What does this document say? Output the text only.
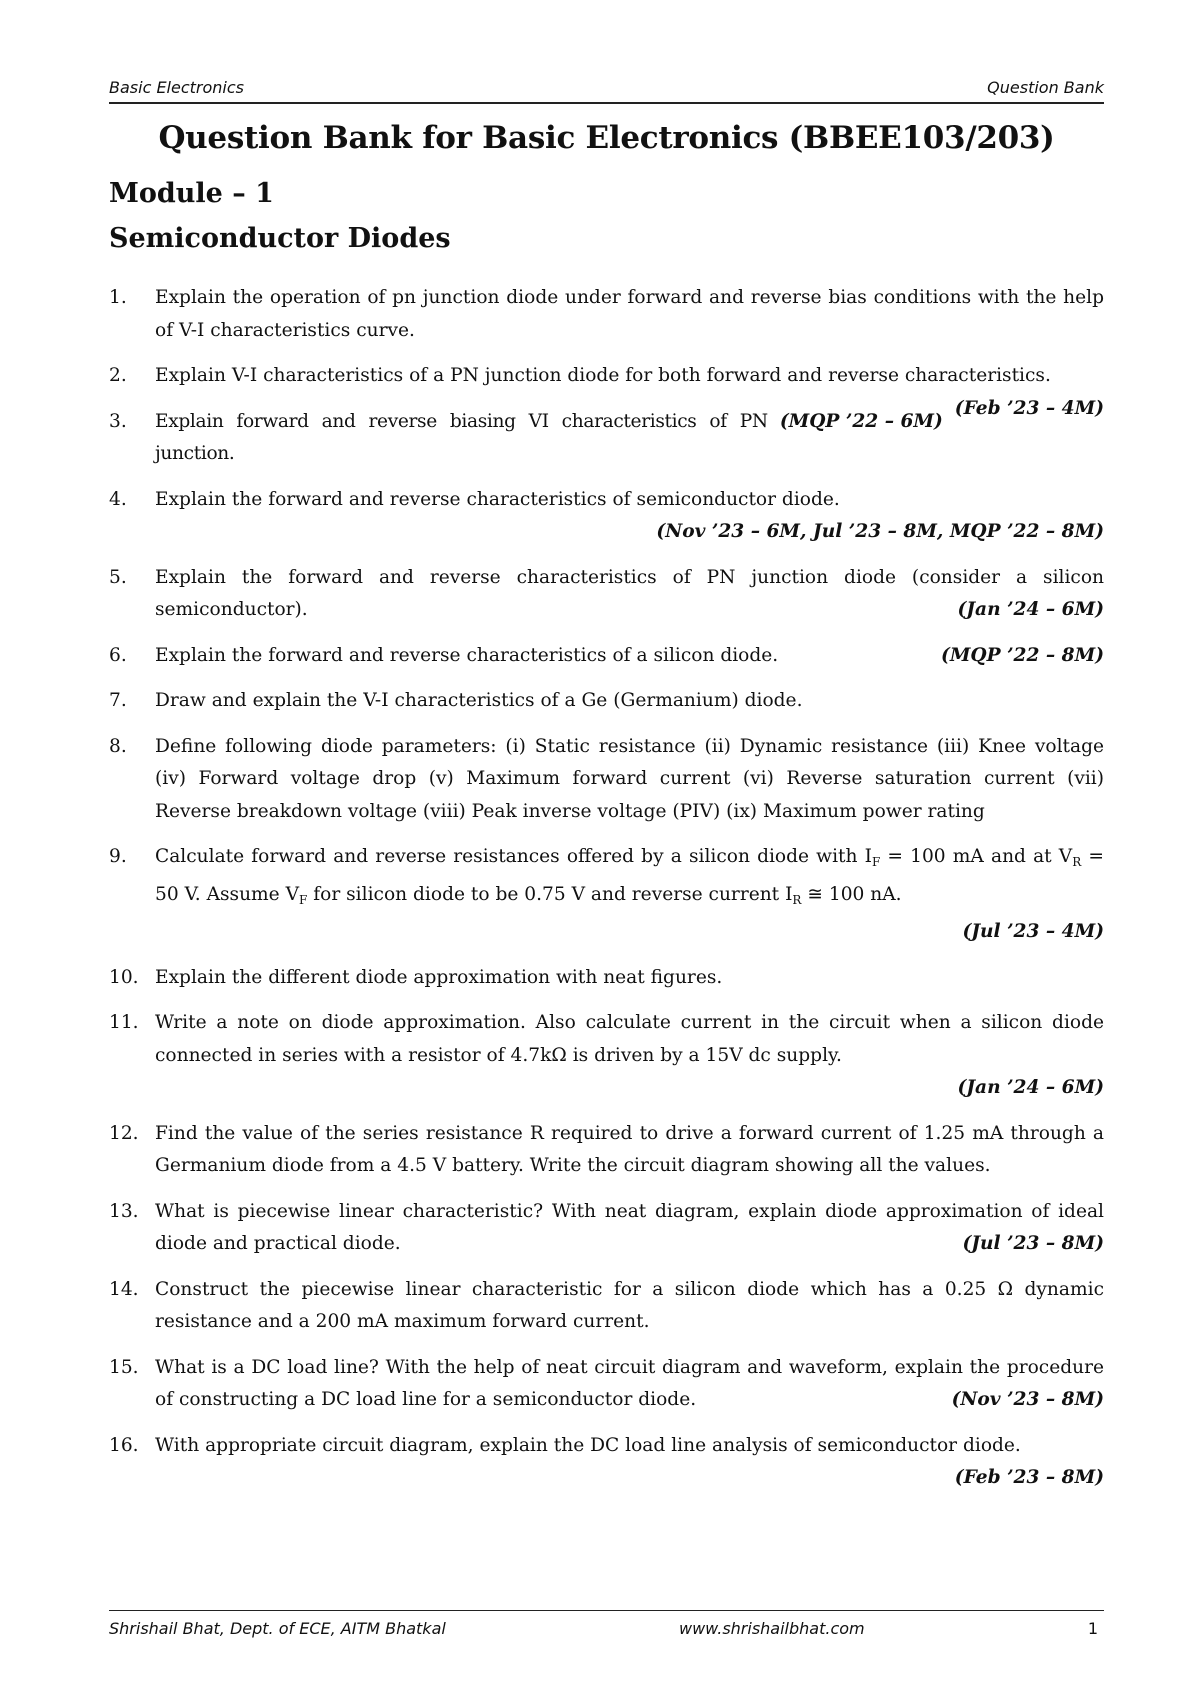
Basic Electronics	Question Bank
Question Bank for Basic Electronics (BBEE103/203)
Module – 1
Semiconductor Diodes
1. Explain the operation of pn junction diode under forward and reverse bias conditions with the help of V-I characteristics curve.
2. Explain V-I characteristics of a PN junction diode for both forward and reverse characteristics.
(Feb ’23 – 4M)
3.	(MQP ’22 – 6M)
Explain forward and reverse biasing VI characteristics of PN junction.
4. Explain the forward and reverse characteristics of semiconductor diode.
(Nov ’23 – 6M, Jul ’23 – 8M, MQP ’22 – 8M)
5. Explain the forward and reverse characteristics of PN junction diode (consider a silicon semiconductor).	(Jan ’24 – 6M)
6.	(MQP ’22 – 8M)
Explain the forward and reverse characteristics of a silicon diode.
7. Draw and explain the V-I characteristics of a Ge (Germanium) diode.
8. Define following diode parameters: (i) Static resistance (ii) Dynamic resistance (iii) Knee voltage (iv) Forward voltage drop (v) Maximum forward current (vi) Reverse saturation current (vii) Reverse breakdown voltage (viii) Peak inverse voltage (PIV) (ix) Maximum power rating
9. Calculate forward and reverse resistances offered by a silicon diode with $I_F = 100$ mA and at $V_R = 50$ V. Assume $V_F$ for silicon diode to be 0.75 V and reverse current $I_R$ ≅ 100 nA.
(Jul ’23 – 4M)
10. Explain the different diode approximation with neat figures.
11. Write a note on diode approximation. Also calculate current in the circuit when a silicon diode connected in series with a resistor of 4.7kΩ is driven by a 15V dc supply.
(Jan ’24 – 6M)
12. Find the value of the series resistance R required to drive a forward current of 1.25 mA through a Germanium diode from a 4.5 V battery. Write the circuit diagram showing all the values.
13. What is piecewise linear characteristic? With neat diagram, explain diode approximation of ideal diode and practical diode.	(Jul ’23 – 8M)
14. Construct the piecewise linear characteristic for a silicon diode which has a 0.25 Ω dynamic resistance and a 200 mA maximum forward current.
15. What is a DC load line? With the help of neat circuit diagram and waveform, explain the procedure of constructing a DC load line for a semiconductor diode.	(Nov ’23 – 8M)
16. With appropriate circuit diagram, explain the DC load line analysis of semiconductor diode.
(Feb ’23 – 8M)
Shrishail Bhat, Dept. of ECE, AITM Bhatkal	www.shrishailbhat.com	1
